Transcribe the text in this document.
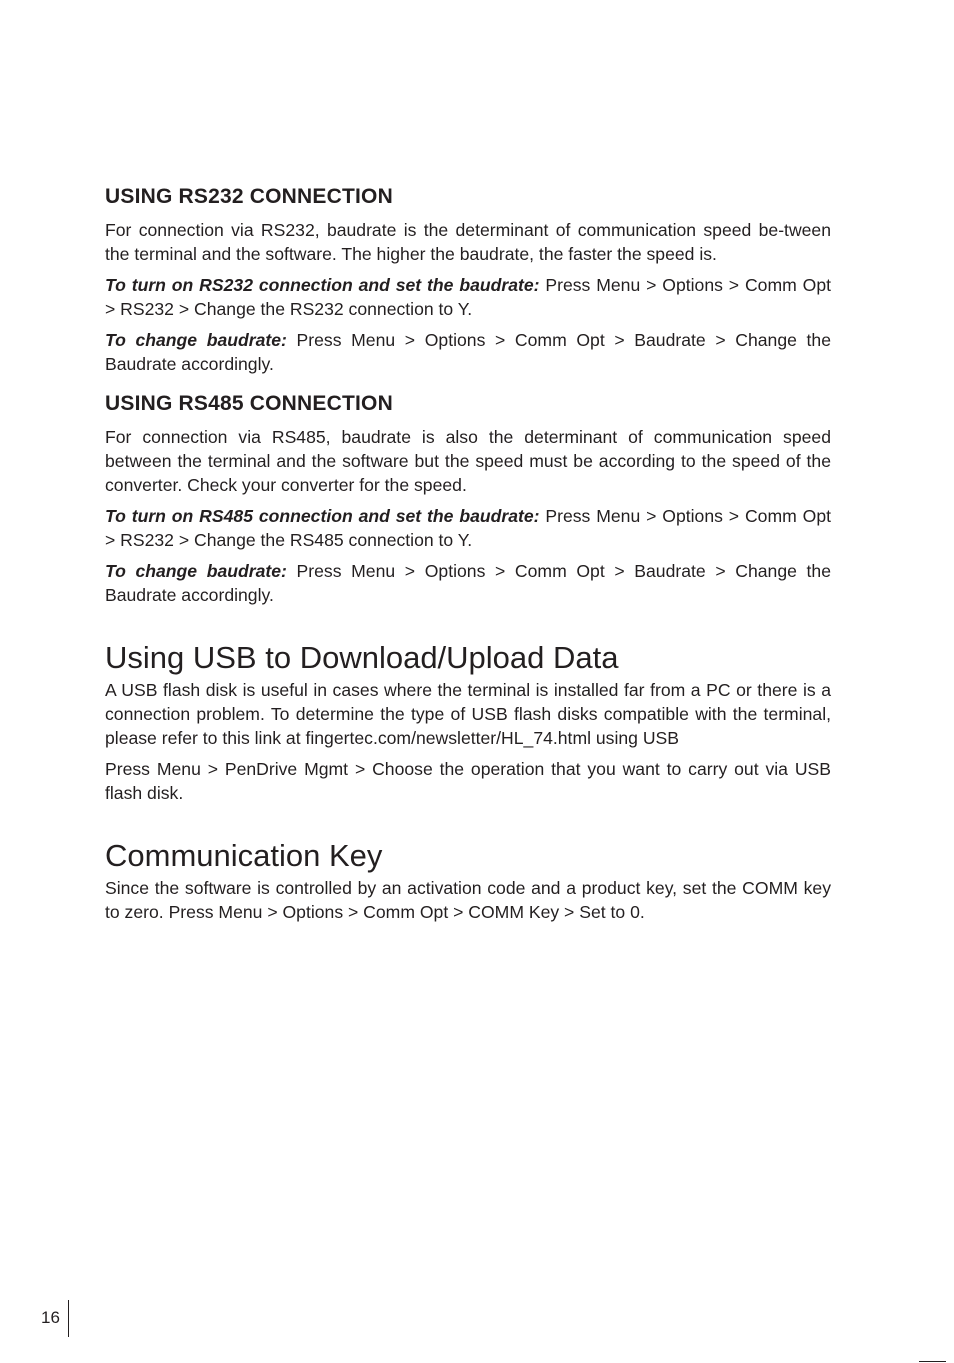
USING RS232 CONNECTION

For connection via RS232, baudrate is the determinant of communication speed be-tween the terminal and the software. The higher the baudrate, the faster the speed is.

To turn on RS232 connection and set the baudrate: Press Menu > Options > Comm Opt > RS232 > Change the RS232 connection to Y.

To change baudrate: Press Menu > Options > Comm Opt > Baudrate > Change the Baudrate accordingly.

USING RS485 CONNECTION

For connection via RS485, baudrate is also the determinant of communication speed between the terminal and the software but the speed must be according to the speed of the converter. Check your converter for the speed.

To turn on RS485 connection and set the baudrate: Press Menu > Options > Comm Opt > RS232 > Change the RS485 connection to Y.

To change baudrate: Press Menu > Options > Comm Opt > Baudrate > Change the Baudrate accordingly.

Using USB to Download/Upload Data

A USB flash disk is useful in cases where the terminal is installed far from a PC or there is a connection problem. To determine the type of USB flash disks compatible with the terminal, please refer to this link at fingertec.com/newsletter/HL_74.html using USB

Press Menu > PenDrive Mgmt > Choose the operation that you want to carry out via USB flash disk.

Communication Key

Since the software is controlled by an activation code and a product key, set the COMM key to zero. Press Menu > Options > Comm Opt > COMM Key > Set to 0.

16
